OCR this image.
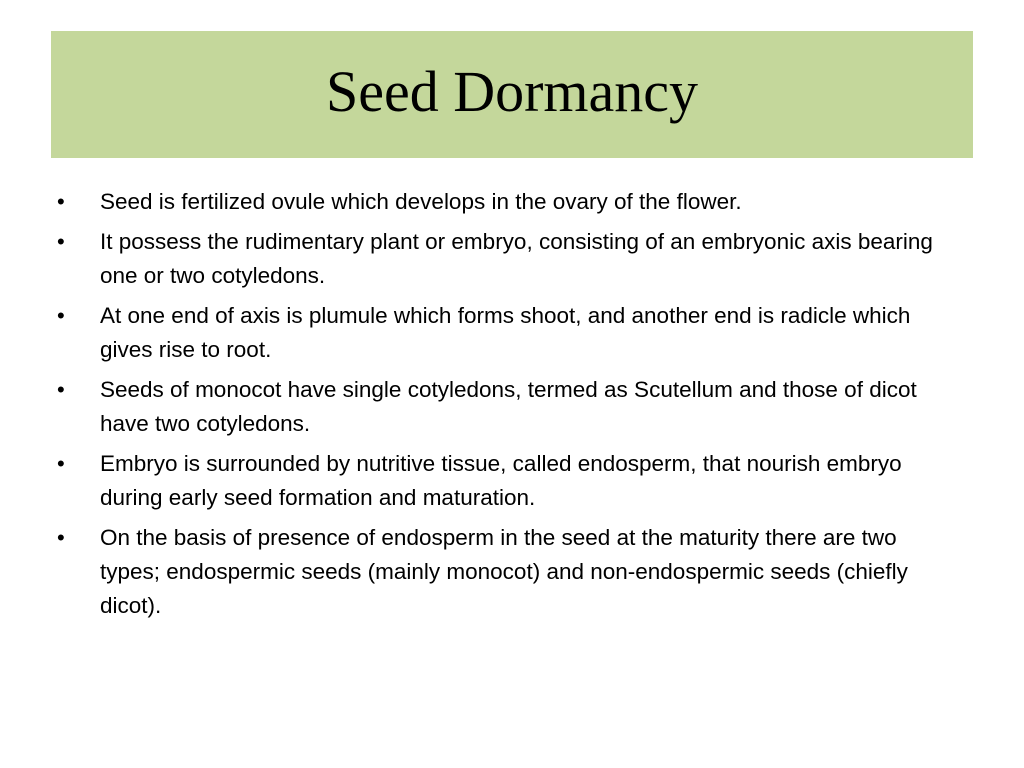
Seed Dormancy
•	Seed is fertilized ovule which develops in the ovary of the flower.
•	It possess the rudimentary plant or embryo, consisting of an embryonic axis bearing one or two cotyledons.
•	At one end of axis is plumule which forms shoot, and another end is radicle which gives rise to root.
•	Seeds of monocot have single cotyledons, termed as Scutellum and those of dicot have two cotyledons.
•	Embryo is surrounded by nutritive tissue, called endosperm, that nourish embryo during early seed formation and maturation.
•	On the basis of presence of endosperm in the seed at the maturity there are two types; endospermic seeds (mainly monocot) and non-endospermic seeds (chiefly dicot).
